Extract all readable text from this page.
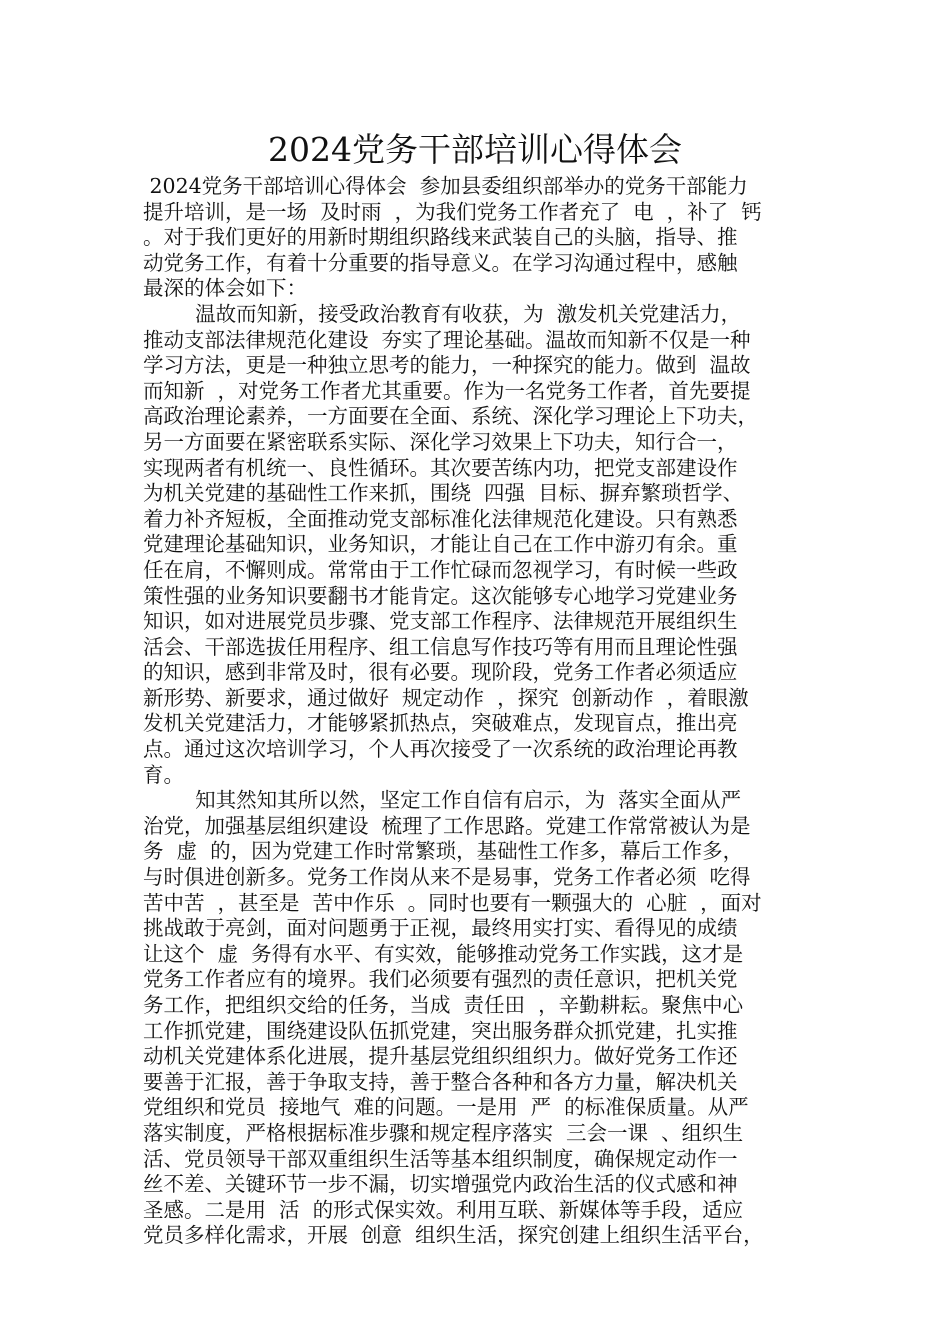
2024党务干部培训心得体会
2024党务干部培训心得体会  参加县委组织部举办的党务干部能力
提升培训，是一场  及时雨  ，为我们党务工作者充了  电  ，补了  钙
。对于我们更好的用新时期组织路线来武装自己的头脑，指导、推
动党务工作，有着十分重要的指导意义。在学习沟通过程中，感触
最深的体会如下：
温故而知新，接受政治教育有收获，为  激发机关党建活力，
推动支部法律规范化建设  夯实了理论基础。温故而知新不仅是一种
学习方法，更是一种独立思考的能力，一种探究的能力。做到  温故
而知新  ，对党务工作者尤其重要。作为一名党务工作者，首先要提
高政治理论素养，一方面要在全面、系统、深化学习理论上下功夫，
另一方面要在紧密联系实际、深化学习效果上下功夫，知行合一，
实现两者有机统一、良性循环。其次要苦练内功，把党支部建设作
为机关党建的基础性工作来抓，围绕  四强  目标、摒弃繁琐哲学、
着力补齐短板，全面推动党支部标准化法律规范化建设。只有熟悉
党建理论基础知识，业务知识，才能让自己在工作中游刃有余。重
任在肩，不懈则成。常常由于工作忙碌而忽视学习，有时候一些政
策性强的业务知识要翻书才能肯定。这次能够专心地学习党建业务
知识，如对进展党员步骤、党支部工作程序、法律规范开展组织生
活会、干部选拔任用程序、组工信息写作技巧等有用而且理论性强
的知识，感到非常及时，很有必要。现阶段，党务工作者必须适应
新形势、新要求，通过做好  规定动作  ，探究  创新动作  ，着眼激
发机关党建活力，才能够紧抓热点，突破难点，发现盲点，推出亮
点。通过这次培训学习，个人再次接受了一次系统的政治理论再教
育。
知其然知其所以然，坚定工作自信有启示，为  落实全面从严
治党，加强基层组织建设  梳理了工作思路。党建工作常常被认为是
务  虚  的，因为党建工作时常繁琐，基础性工作多，幕后工作多，
与时俱进创新多。党务工作岗从来不是易事，党务工作者必须  吃得
苦中苦  ，甚至是  苦中作乐  。同时也要有一颗强大的  心脏  ，面对
挑战敢于亮剑，面对问题勇于正视，最终用实打实、看得见的成绩
让这个  虚  务得有水平、有实效，能够推动党务工作实践，这才是
党务工作者应有的境界。我们必须要有强烈的责任意识，把机关党
务工作，把组织交给的任务，当成  责任田  ，辛勤耕耘。聚焦中心
工作抓党建，围绕建设队伍抓党建，突出服务群众抓党建，扎实推
动机关党建体系化进展，提升基层党组织组织力。做好党务工作还
要善于汇报，善于争取支持，善于整合各种和各方力量，解决机关
党组织和党员  接地气  难的问题。一是用  严  的标准保质量。从严
落实制度，严格根据标准步骤和规定程序落实  三会一课  、组织生
活、党员领导干部双重组织生活等基本组织制度，确保规定动作一
丝不差、关键环节一步不漏，切实增强党内政治生活的仪式感和神
圣感。二是用  活  的形式保实效。利用互联、新媒体等手段，适应
党员多样化需求，开展  创意  组织生活，探究创建上组织生活平台，
